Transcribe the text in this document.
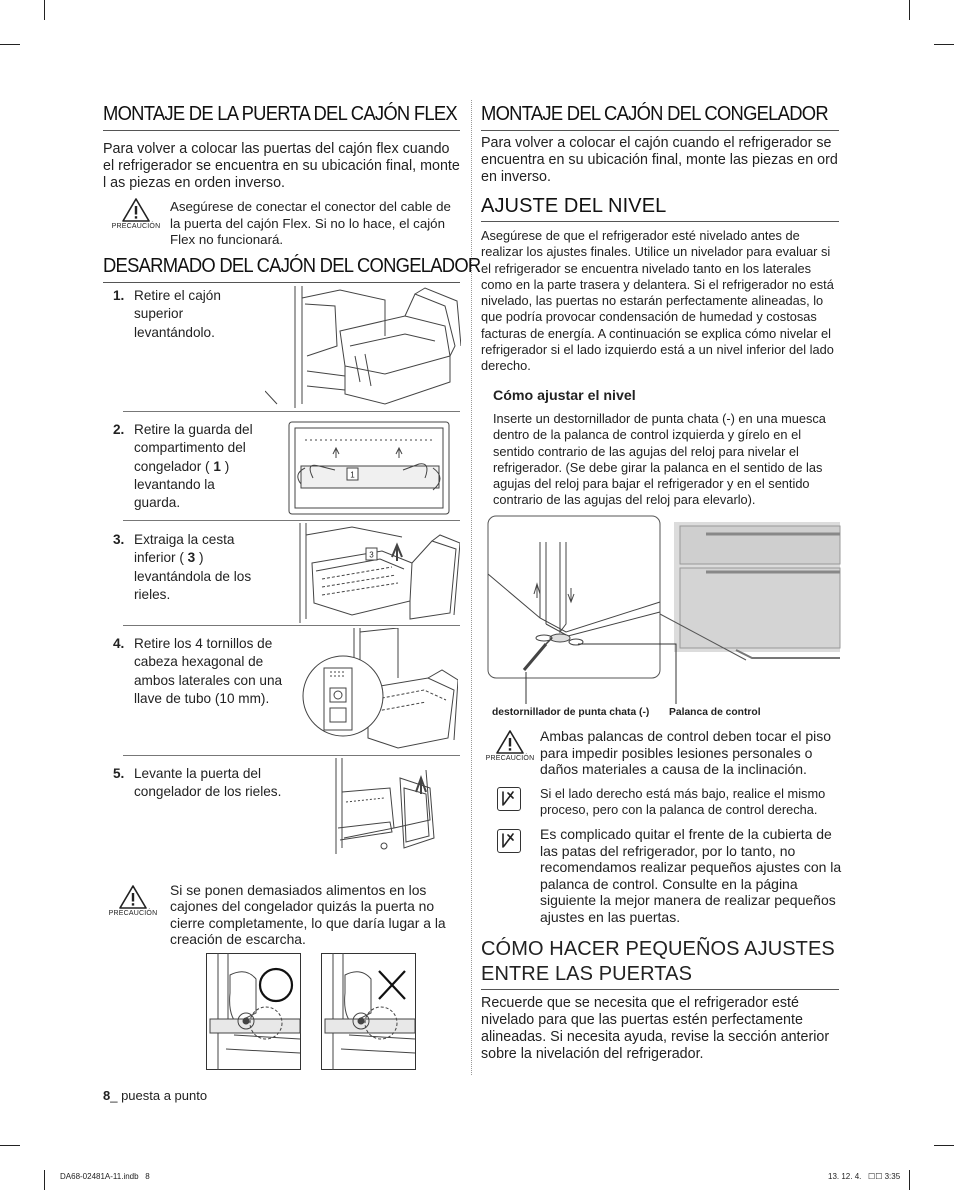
MONTAJE DE LA PUERTA DEL CAJÓN FLEX
Para volver a colocar las puertas del cajón flex cuando el refrigerador se encuentra en su ubicación final, monte l as piezas en orden inverso.
PRECAUCIÓN
Asegúrese de conectar el conector del cable de la puerta del cajón Flex. Si no lo hace, el cajón Flex no funcionará.
DESARMADO DEL CAJÓN DEL CONGELADOR
1. Retire el cajón superior levantándolo.
2. Retire la guarda del compartimento del congelador ( 1 ) levantando la guarda.
1
3. Extraiga la cesta inferior ( 3 ) levantándola de los rieles.
3
4. Retire los 4 tornillos de cabeza hexagonal de ambos laterales con una llave de tubo (10 mm).
5. Levante la puerta del congelador de los rieles.
PRECAUCIÓN
Si se ponen demasiados alimentos en los cajones del congelador quizás la puerta no cierre completamente, lo que daría lugar a la creación de escarcha.
8_ puesta a punto
MONTAJE DEL CAJÓN DEL CONGELADOR
Para volver a colocar el cajón cuando el refrigerador se encuentra en su ubicación final, monte las piezas en ord en inverso.
AJUSTE DEL NIVEL
Asegúrese de que el refrigerador esté nivelado antes de realizar los ajustes finales. Utilice un nivelador para evaluar si el refrigerador se encuentra nivelado tanto en los laterales como en la parte trasera y delantera. Si el refrigerador no está nivelado, las puertas no estarán perfectamente alineadas, lo que podría provocar condensación de humedad y costosas facturas de energía. A continuación se explica cómo nivelar el refrigerador si el lado izquierdo está a un nivel inferior del lado derecho.
Cómo ajustar el nivel
Inserte un destornillador de punta chata (-) en una muesca dentro de la palanca de control izquierda y gírelo en el sentido contrario de las agujas del reloj para nivelar el refrigerador. (Se debe girar la palanca en el sentido de las agujas del reloj para bajar el refrigerador y en el sentido contrario de las agujas del reloj para elevarlo).
destornillador de punta chata (-) Palanca de control
PRECAUCIÓN
Ambas palancas de control deben tocar el piso para impedir posibles lesiones personales o daños materiales a causa de la inclinación.
Si el lado derecho está más bajo, realice el mismo proceso, pero con la palanca de control derecha.
Es complicado quitar el frente de la cubierta de las patas del refrigerador, por lo tanto, no recomendamos realizar pequeños ajustes con la palanca de control. Consulte en la página siguiente la mejor manera de realizar pequeños ajustes en las puertas.
CÓMO HACER PEQUEÑOS AJUSTES
ENTRE LAS PUERTAS
Recuerde que se necesita que el refrigerador esté nivelado para que las puertas estén perfectamente alineadas. Si necesita ayuda, revise la sección anterior sobre la nivelación del refrigerador.
DA68-02481A-11.indb   8	13. 12. 4.   ☐☐ 3:35
